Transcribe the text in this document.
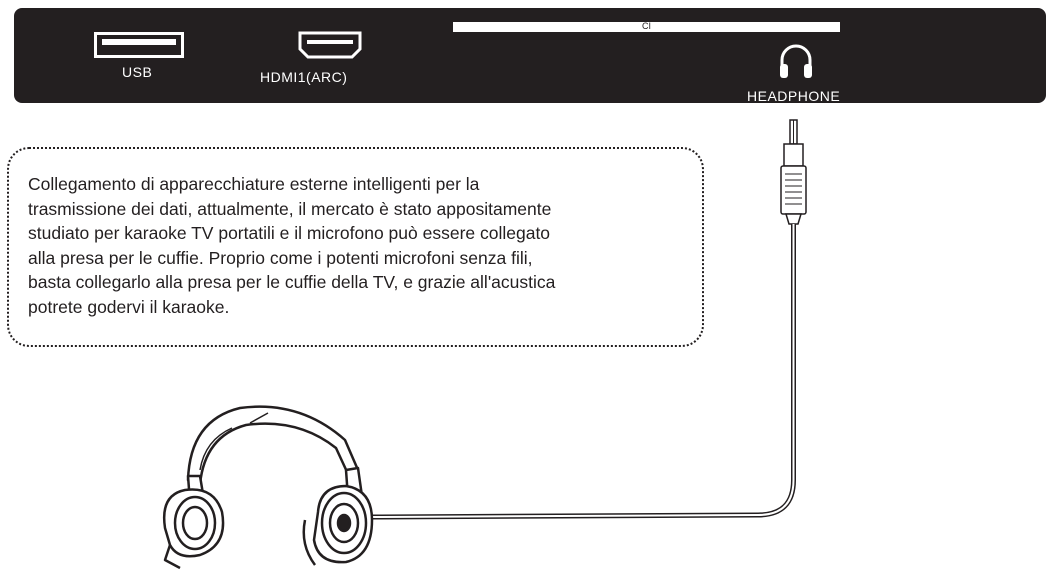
USB	HDMI1(ARC)
CI
HEADPHONE
Collegamento di apparecchiature esterne intelligenti per la
trasmissione dei dati, attualmente, il mercato è stato appositamente
studiato per karaoke TV portatili e il microfono può essere collegato
alla presa per le cuffie. Proprio come i potenti microfoni senza fili,
basta collegarlo alla presa per le cuffie della TV, e grazie all'acustica
potrete godervi il karaoke.
